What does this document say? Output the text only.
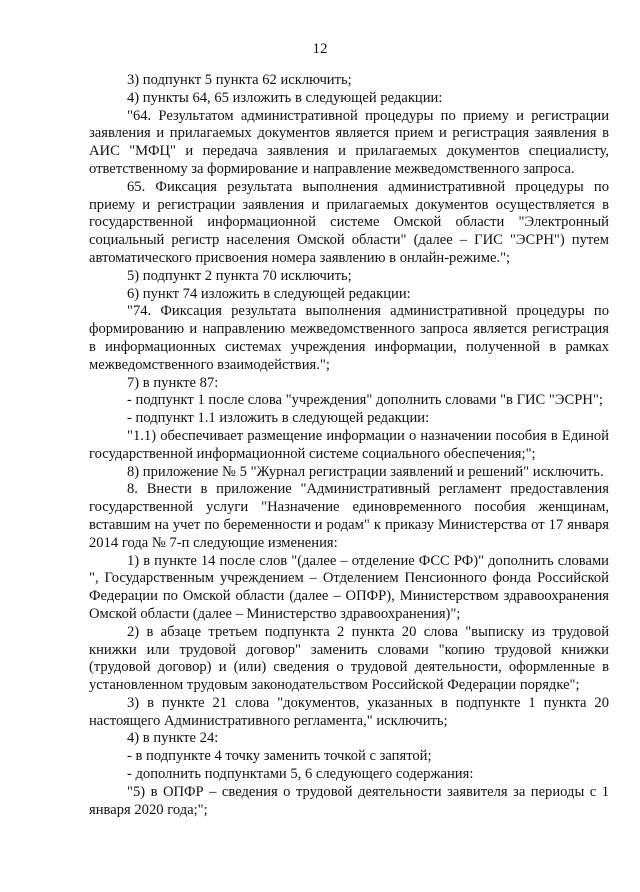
12

3) подпункт 5 пункта 62 исключить;

4) пункты 64, 65 изложить в следующей редакции:

"64. Результатом административной процедуры по приему и регистрации заявления и прилагаемых документов является прием и регистрация заявления в АИС "МФЦ" и передача заявления и прилагаемых документов специалисту, ответственному за формирование и направление межведомственного запроса.

65. Фиксация результата выполнения административной процедуры по приему и регистрации заявления и прилагаемых документов осуществляется в государственной информационной системе Омской области "Электронный социальный регистр населения Омской области" (далее – ГИС "ЭСРН") путем автоматического присвоения номера заявлению в онлайн-режиме.";

5) подпункт 2 пункта 70 исключить;

6) пункт 74 изложить в следующей редакции:

"74. Фиксация результата выполнения административной процедуры по формированию и направлению межведомственного запроса является регистрация в информационных системах учреждения информации, полученной в рамках межведомственного взаимодействия.";

7) в пункте 87:

- подпункт 1 после слова "учреждения" дополнить словами "в ГИС "ЭСРН";

- подпункт 1.1 изложить в следующей редакции:

"1.1) обеспечивает размещение информации о назначении пособия в Единой государственной информационной системе социального обеспечения;";

8) приложение № 5 "Журнал регистрации заявлений и решений" исключить.

8. Внести в приложение "Административный регламент предоставления государственной услуги "Назначение единовременного пособия женщинам, вставшим на учет по беременности и родам" к приказу Министерства от 17 января 2014 года № 7-п следующие изменения:

1) в пункте 14 после слов "(далее – отделение ФСС РФ)" дополнить словами ", Государственным учреждением – Отделением Пенсионного фонда Российской Федерации по Омской области (далее – ОПФР), Министерством здравоохранения Омской области (далее – Министерство здравоохранения)";

2) в абзаце третьем подпункта 2 пункта 20 слова "выписку из трудовой книжки или трудовой договор" заменить словами "копию трудовой книжки (трудовой договор) и (или) сведения о трудовой деятельности, оформленные в установленном трудовым законодательством Российской Федерации порядке";

3) в пункте 21 слова "документов, указанных в подпункте 1 пункта 20 настоящего Административного регламента," исключить;

4) в пункте 24:

- в подпункте 4 точку заменить точкой с запятой;

- дополнить подпунктами 5, 6 следующего содержания:

"5) в ОПФР – сведения о трудовой деятельности заявителя за периоды с 1 января 2020 года;";
